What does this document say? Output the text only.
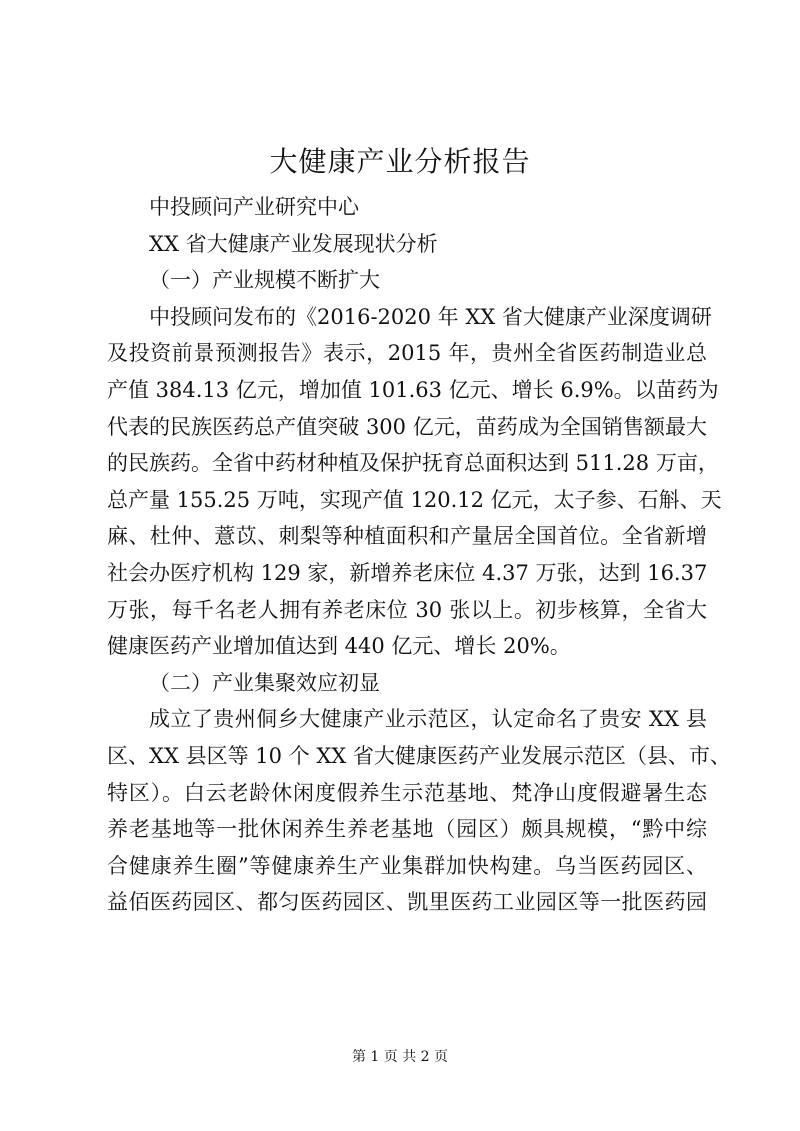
大健康产业分析报告
中投顾问产业研究中心
XX 省大健康产业发展现状分析
（一）产业规模不断扩大
中投顾问发布的《2016-2020 年 XX 省大健康产业深度调研
及投资前景预测报告》表示，2015 年，贵州全省医药制造业总
产值 384.13 亿元，增加值 101.63 亿元、增长 6.9%。以苗药为
代表的民族医药总产值突破 300 亿元，苗药成为全国销售额最大
的民族药。全省中药材种植及保护抚育总面积达到 511.28 万亩，
总产量 155.25 万吨，实现产值 120.12 亿元，太子参、石斛、天
麻、杜仲、薏苡、刺梨等种植面积和产量居全国首位。全省新增
社会办医疗机构 129 家，新增养老床位 4.37 万张，达到 16.37
万张，每千名老人拥有养老床位 30 张以上。初步核算，全省大
健康医药产业增加值达到 440 亿元、增长 20%。
（二）产业集聚效应初显
成立了贵州侗乡大健康产业示范区，认定命名了贵安 XX 县
区、XX 县区等 10 个 XX 省大健康医药产业发展示范区（县、市、
特区）。白云老龄休闲度假养生示范基地、梵净山度假避暑生态
养老基地等一批休闲养生养老基地（园区）颇具规模，“黔中综
合健康养生圈”等健康养生产业集群加快构建。乌当医药园区、
益佰医药园区、都匀医药园区、凯里医药工业园区等一批医药园
第 1 页 共 2 页
